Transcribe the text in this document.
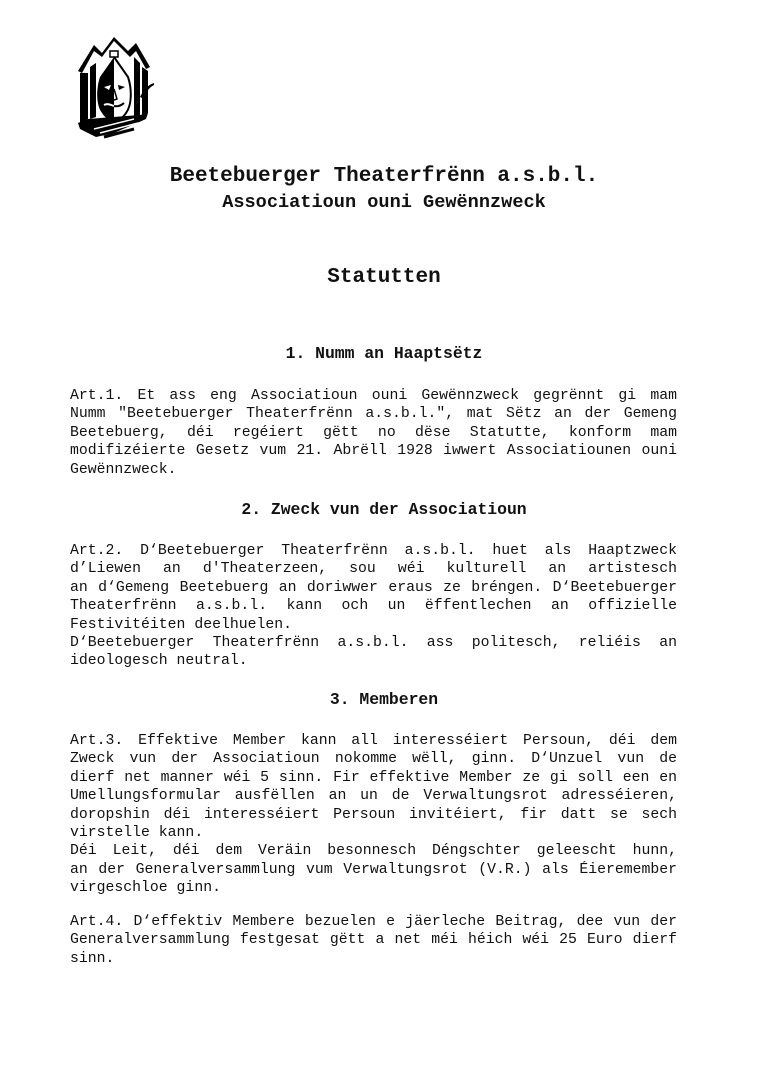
Beetebuerger Theaterfrënn a.s.b.l.
Associatioun ouni Gewënnzweck
Statutten
1. Numm an Haaptsëtz
Art.1. Et ass eng Associatioun ouni Gewënnzweck gegrënnt gi mam
Numm "Beetebuerger Theaterfrënn a.s.b.l.", mat Sëtz an der Gemeng
Beetebuerg, déi regéiert gëtt no dëse Statutte, konform mam
modifizéierte Gesetz vum 21. Abrëll 1928 iwwert Associatiounen ouni
Gewënnzweck.
2. Zweck vun der Associatioun
Art.2. D‘Beetebuerger Theaterfrënn a.s.b.l. huet als Haaptzweck
d’Liewen an d'Theaterzeen, sou wéi kulturell an artistesch
an d‘Gemeng Beetebuerg an doriwwer eraus ze bréngen. D‘Beetebuerger
Theaterfrënn a.s.b.l. kann och un ëffentlechen an offizielle
Festivitéiten deelhuelen.
D‘Beetebuerger Theaterfrënn a.s.b.l. ass politesch, reliéis an
ideologesch neutral.
3. Memberen
Art.3. Effektive Member kann all interesséiert Persoun, déi dem
Zweck vun der Associatioun nokomme wëll, ginn. D‘Unzuel vun de
dierf net manner wéi 5 sinn. Fir effektive Member ze gi soll een en
Umellungsformular ausfëllen an un de Verwaltungsrot adresséieren,
doropshin déi interesséiert Persoun invitéiert, fir datt se sech
virstelle kann.
Déi Leit, déi dem Veräin besonnesch Déngschter geleescht hunn,
an der Generalversammlung vum Verwaltungsrot (V.R.) als Éieremember
virgeschloe ginn.
Art.4. D‘effektiv Membere bezuelen e jäerleche Beitrag, dee vun der
Generalversammlung festgesat gëtt a net méi héich wéi 25 Euro dierf
sinn.
